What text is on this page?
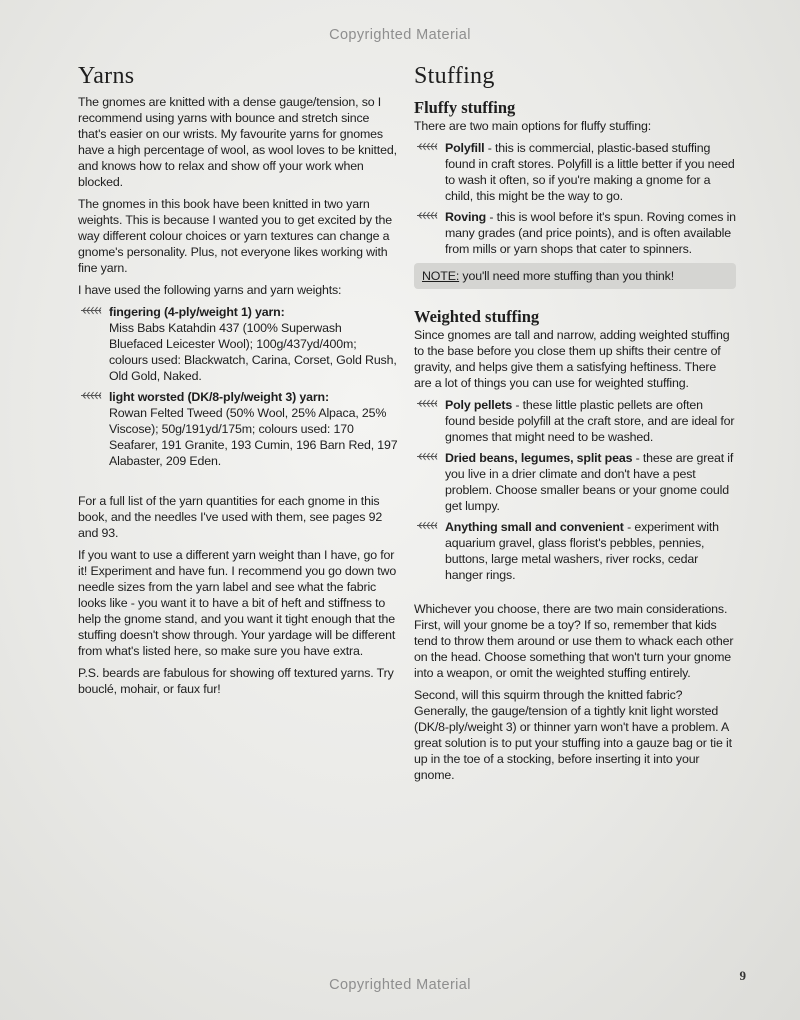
Copyrighted Material
Yarns

The gnomes are knitted with a dense gauge/tension, so I recommend using yarns with bounce and stretch since that's easier on our wrists. My favourite yarns for gnomes have a high percentage of wool, as wool loves to be knitted, and knows how to relax and show off your work when blocked.

The gnomes in this book have been knitted in two yarn weights. This is because I wanted you to get excited by the way different colour choices or yarn textures can change a gnome's personality. Plus, not everyone likes working with fine yarn.

I have used the following yarns and yarn weights:

fingering (4-ply/weight 1) yarn:
Miss Babs Katahdin 437 (100% Superwash Bluefaced Leicester Wool); 100g/437yd/400m; colours used: Blackwatch, Carina, Corset, Gold Rush, Old Gold, Naked.
light worsted (DK/8-ply/weight 3) yarn:
Rowan Felted Tweed (50% Wool, 25% Alpaca, 25% Viscose); 50g/191yd/175m; colours used: 170 Seafarer, 191 Granite, 193 Cumin, 196 Barn Red, 197 Alabaster, 209 Eden.

For a full list of the yarn quantities for each gnome in this book, and the needles I've used with them, see pages 92 and 93.

If you want to use a different yarn weight than I have, go for it! Experiment and have fun. I recommend you go down two needle sizes from the yarn label and see what the fabric looks like - you want it to have a bit of heft and stiffness to help the gnome stand, and you want it tight enough that the stuffing doesn't show through. Your yardage will be different from what's listed here, so make sure you have extra.

P.S. beards are fabulous for showing off textured yarns. Try bouclé, mohair, or faux fur!

Stuffing
Fluffy stuffing

There are two main options for fluffy stuffing:

Polyfill - this is commercial, plastic-based stuffing found in craft stores. Polyfill is a little better if you need to wash it often, so if you're making a gnome for a child, this might be the way to go.
Roving - this is wool before it's spun. Roving comes in many grades (and price points), and is often available from mills or yarn shops that cater to spinners.
NOTE: you'll need more stuffing than you think!
Weighted stuffing

Since gnomes are tall and narrow, adding weighted stuffing to the base before you close them up shifts their centre of gravity, and helps give them a satisfying heftiness. There are a lot of things you can use for weighted stuffing.

Poly pellets - these little plastic pellets are often found beside polyfill at the craft store, and are ideal for gnomes that might need to be washed.
Dried beans, legumes, split peas - these are great if you live in a drier climate and don't have a pest problem. Choose smaller beans or your gnome could get lumpy.
Anything small and convenient - experiment with aquarium gravel, glass florist's pebbles, pennies, buttons, large metal washers, river rocks, cedar hanger rings.

Whichever you choose, there are two main considerations. First, will your gnome be a toy? If so, remember that kids tend to throw them around or use them to whack each other on the head. Choose something that won't turn your gnome into a weapon, or omit the weighted stuffing entirely.

Second, will this squirm through the knitted fabric? Generally, the gauge/tension of a tightly knit light worsted (DK/8-ply/weight 3) or thinner yarn won't have a problem. A great solution is to put your stuffing into a gauze bag or tie it up in the toe of a stocking, before inserting it into your gnome.

9
Copyrighted Material
